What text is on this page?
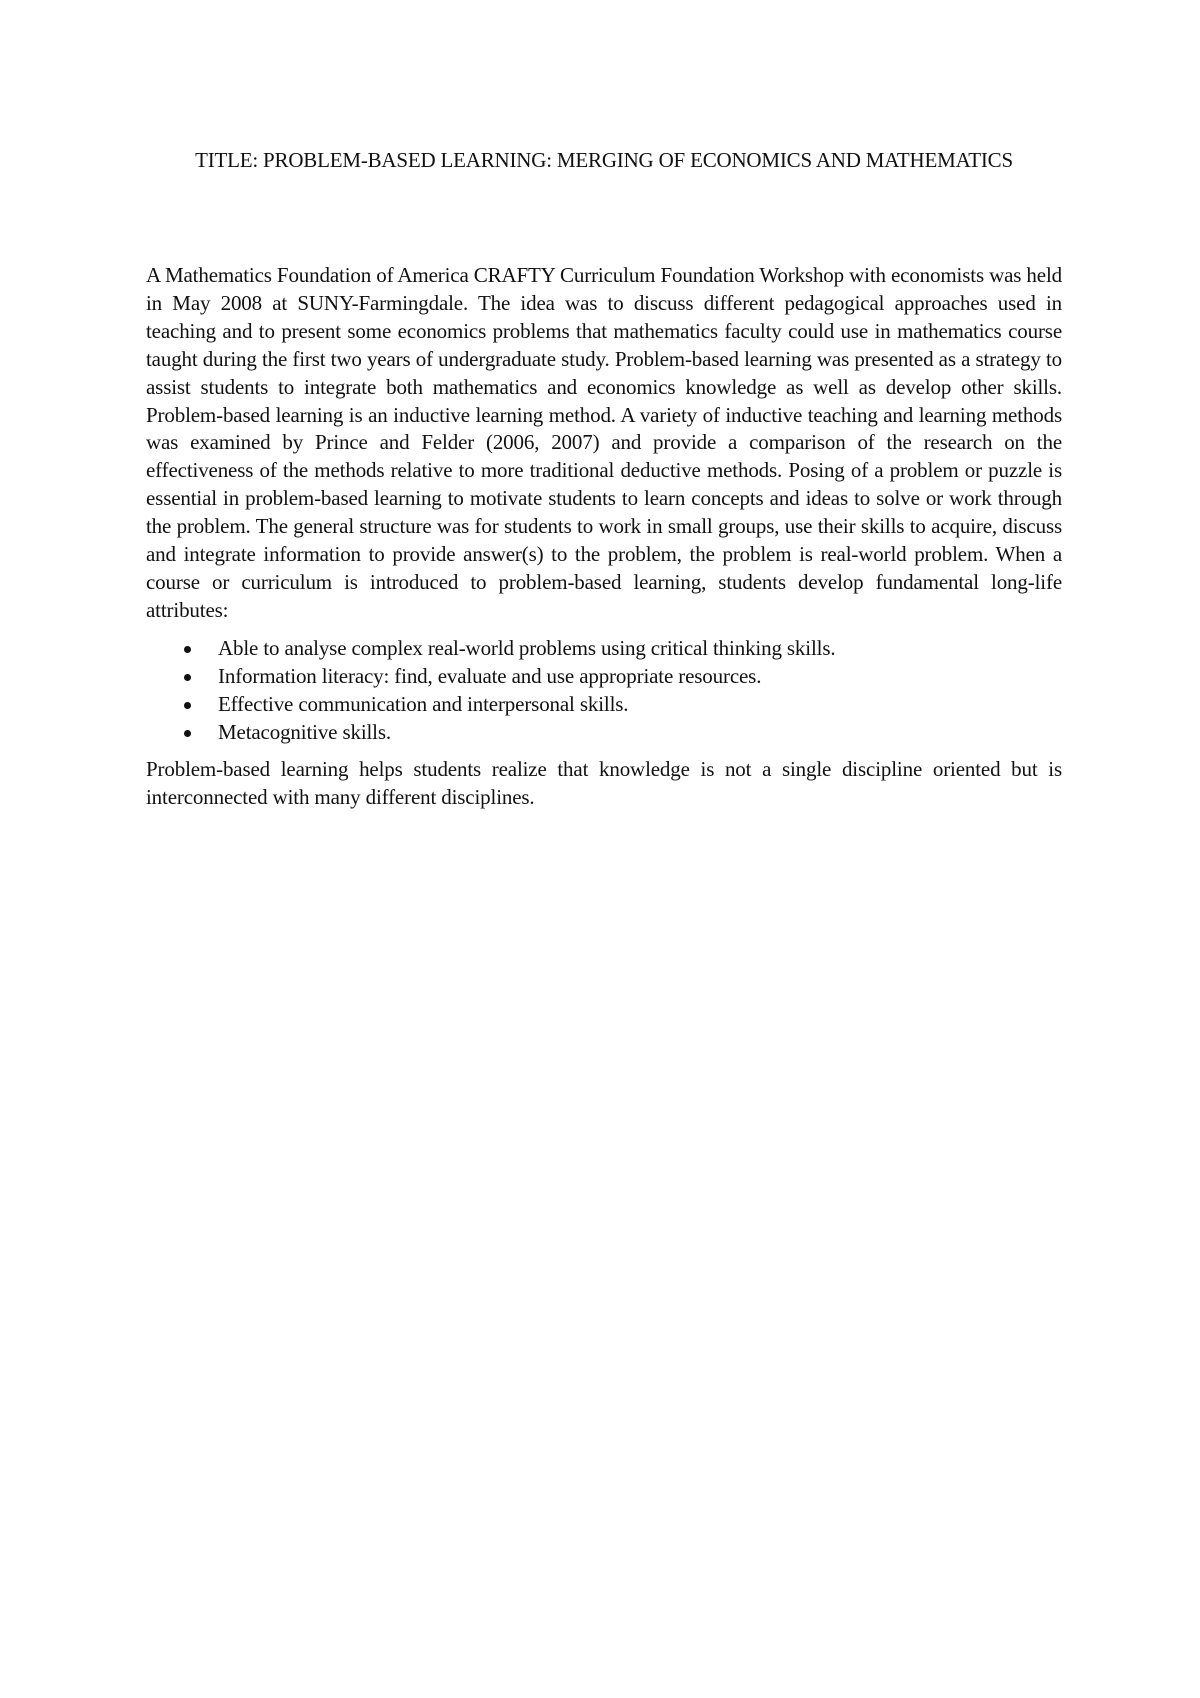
TITLE: PROBLEM-BASED LEARNING: MERGING OF ECONOMICS AND MATHEMATICS

A Mathematics Foundation of America CRAFTY Curriculum Foundation Workshop with economists was held in May 2008 at SUNY-Farmingdale. The idea was to discuss different pedagogical approaches used in teaching and to present some economics problems that mathematics faculty could use in mathematics course taught during the first two years of undergraduate study. Problem-based learning was presented as a strategy to assist students to integrate both mathematics and economics knowledge as well as develop other skills. Problem-based learning is an inductive learning method. A variety of inductive teaching and learning methods was examined by Prince and Felder (2006, 2007) and provide a comparison of the research on the effectiveness of the methods relative to more traditional deductive methods. Posing of a problem or puzzle is essential in problem-based learning to motivate students to learn concepts and ideas to solve or work through the problem. The general structure was for students to work in small groups, use their skills to acquire, discuss and integrate information to provide answer(s) to the problem, the problem is real-world problem. When a course or curriculum is introduced to problem-based learning, students develop fundamental long-life attributes:

Able to analyse complex real-world problems using critical thinking skills.
Information literacy: find, evaluate and use appropriate resources.
Effective communication and interpersonal skills.
Metacognitive skills.

Problem-based learning helps students realize that knowledge is not a single discipline oriented but is interconnected with many different disciplines.
